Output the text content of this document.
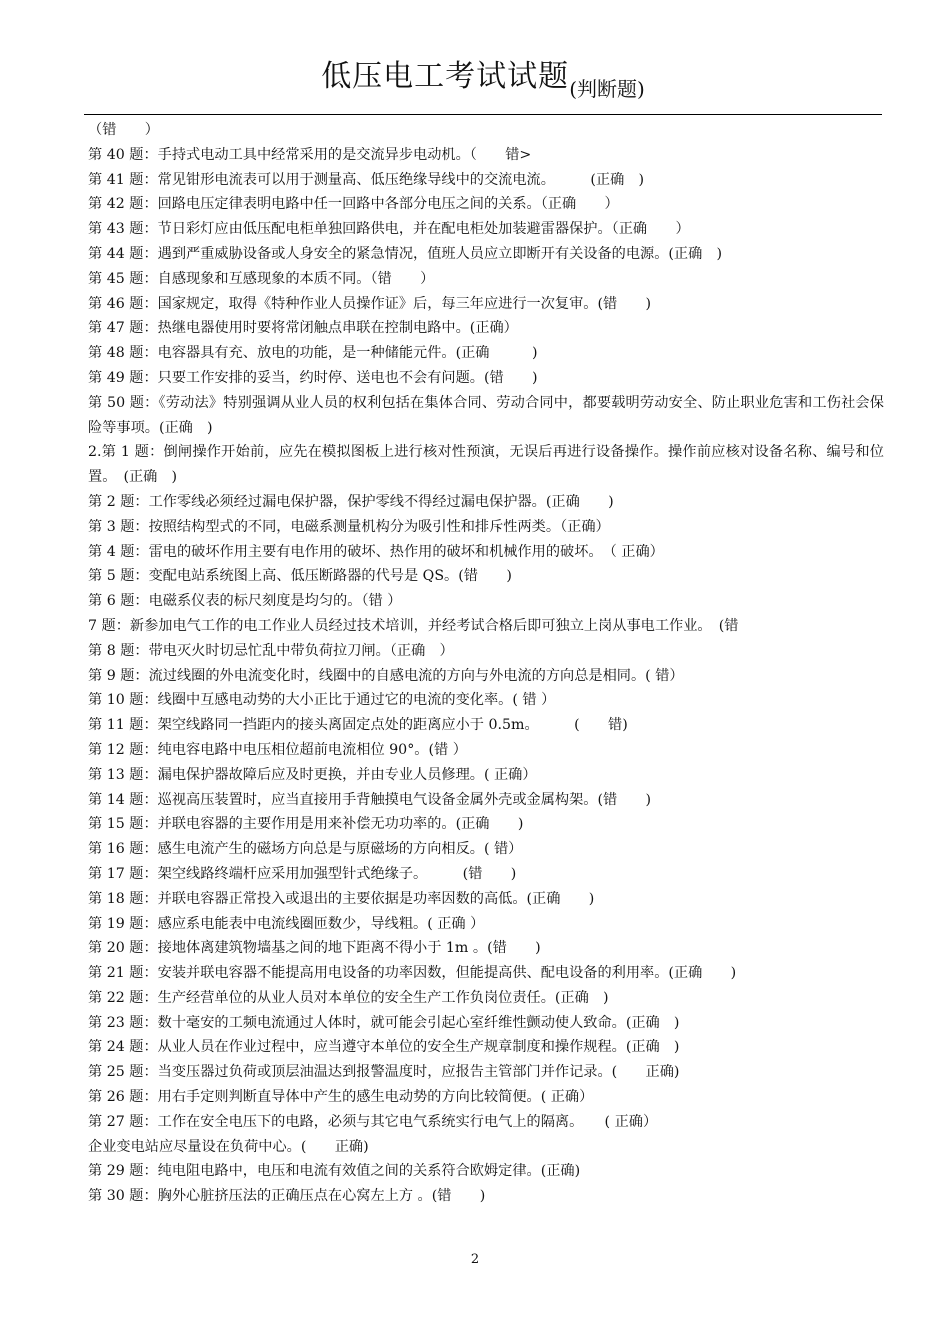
低压电工考试试题(判断题)
（错　　）
第 40 题：手持式电动工具中经常采用的是交流异步电动机。（　　错>
第 41 题：常见钳形电流表可以用于测量高、低压绝缘导线中的交流电流。　　　(正确　)
第 42 题：回路电压定律表明电路中任一回路中各部分电压之间的关系。（正确　　）
第 43 题：节日彩灯应由低压配电柜单独回路供电，并在配电柜处加装避雷器保护。（正确　　）
第 44 题：遇到严重威胁设备或人身安全的紧急情况，值班人员应立即断开有关设备的电源。(正确　)
第 45 题：自感现象和互感现象的本质不同。（错　　）
第 46 题：国家规定，取得《特种作业人员操作证》后，每三年应进行一次复审。(错　　)
第 47 题：热继电器使用时要将常闭触点串联在控制电路中。(正确）
第 48 题：电容器具有充、放电的功能，是一种储能元件。(正确　　　)
第 49 题：只要工作安排的妥当，约时停、送电也不会有问题。(错　　)
第 50 题：《劳动法》特别强调从业人员的权利包括在集体合同、劳动合同中，都要载明劳动安全、防止职业危害和工伤社会保险等事项。(正确　)
2.第 1 题：倒闸操作开始前，应先在模拟图板上进行核对性预演，无误后再进行设备操作。操作前应核对设备名称、编号和位置。　(正确　)
第 2 题：工作零线必须经过漏电保护器，保护零线不得经过漏电保护器。(正确　　)
第 3 题：按照结构型式的不同，电磁系测量机构分为吸引性和排斥性两类。（正确）
第 4 题：雷电的破坏作用主要有电作用的破坏、热作用的破坏和机械作用的破坏。　（ 正确）
第 5 题：变配电站系统图上高、低压断路器的代号是 QS。(错　　)
第 6 题：电磁系仪表的标尺刻度是均匀的。（错 ）
7 题：新参加电气工作的电工作业人员经过技术培训，并经考试合格后即可独立上岗从事电工作业。　(错
第 8 题：带电灭火时切忌忙乱中带负荷拉刀闸。（正确　）
第 9 题：流过线圈的外电流变化时，线圈中的自感电流的方向与外电流的方向总是相同。( 错）
第 10 题：线圈中互感电动势的大小正比于通过它的电流的变化率。( 错 ）
第 11 题：架空线路同一挡距内的接头离固定点处的距离应小于 0.5m。　　　(　　错)
第 12 题：纯电容电路中电压相位超前电流相位 90°。(错 ）
第 13 题：漏电保护器故障后应及时更换，并由专业人员修理。( 正确）
第 14 题：巡视高压装置时，应当直接用手背触摸电气设备金属外壳或金属构架。(错　　)
第 15 题：并联电容器的主要作用是用来补偿无功功率的。(正确　　)
第 16 题：感生电流产生的磁场方向总是与原磁场的方向相反。( 错）
第 17 题：架空线路终端杆应采用加强型针式绝缘子。　　　(错　　)
第 18 题：并联电容器正常投入或退出的主要依据是功率因数的高低。(正确　　)
第 19 题：感应系电能表中电流线圈匝数少，导线粗。( 正确 ）
第 20 题：接地体离建筑物墙基之间的地下距离不得小于 1m 。(错　　)
第 21 题：安装并联电容器不能提高用电设备的功率因数，但能提高供、配电设备的利用率。(正确　　)
第 22 题：生产经营单位的从业人员对本单位的安全生产工作负岗位责任。(正确　)
第 23 题：数十毫安的工频电流通过人体时，就可能会引起心室纤维性颤动使人致命。(正确　)
第 24 题：从业人员在作业过程中，应当遵守本单位的安全生产规章制度和操作规程。(正确　)
第 25 题：当变压器过负荷或顶层油温达到报警温度时，应报告主管部门并作记录。(　　正确)
第 26 题：用右手定则判断直导体中产生的感生电动势的方向比较简便。( 正确）
第 27 题：工作在安全电压下的电路，必须与其它电气系统实行电气上的隔离。　　( 正确）
企业变电站应尽量设在负荷中心。(　　正确)
第 29 题：纯电阻电路中，电压和电流有效值之间的关系符合欧姆定律。(正确)
第 30 题：胸外心脏挤压法的正确压点在心窝左上方 。(错　　)
2
